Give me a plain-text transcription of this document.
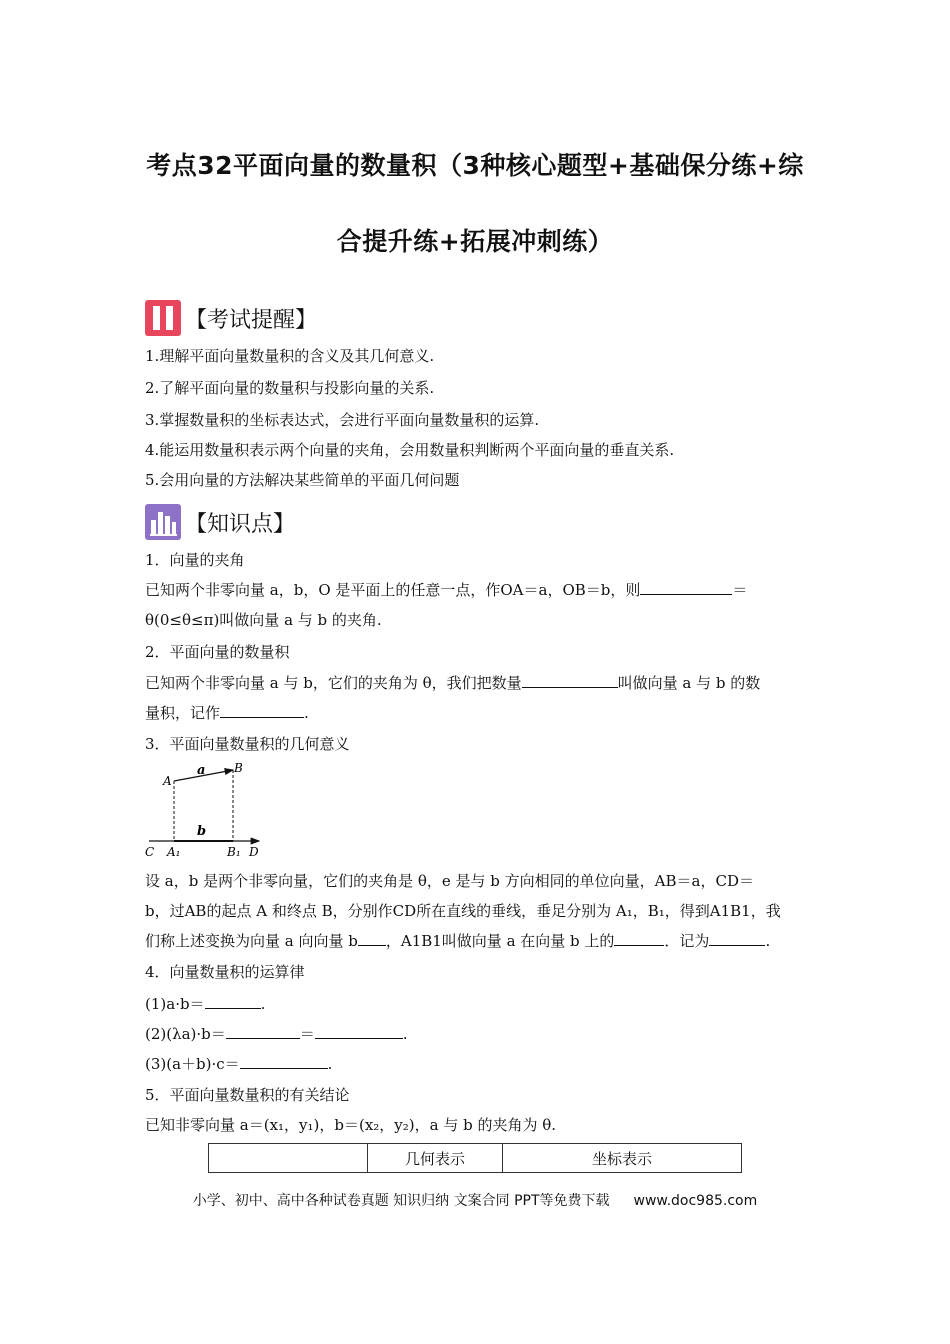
考点32平面向量的数量积（3种核心题型+基础保分练+综
合提升练+拓展冲刺练）
【考试提醒】
1.理解平面向量数量积的含义及其几何意义.
2.了解平面向量的数量积与投影向量的关系.
3.掌握数量积的坐标表达式，会进行平面向量数量积的运算.
4.能运用数量积表示两个向量的夹角，会用数量积判断两个平面向量的垂直关系.
5.会用向量的方法解决某些简单的平面几何问题
【知识点】
1．向量的夹角
已知两个非零向量 a，b，O 是平面上的任意一点，作OA＝a，OB＝b，则	＝
θ(0≤θ≤π)叫做向量 a 与 b 的夹角.
2．平面向量的数量积
已知两个非零向量 a 与 b，它们的夹角为 θ，我们把数量	叫做向量 a 与 b 的数
量积，记作	.
3．平面向量数量积的几何意义
a
b
A
B
C A₁	B₁ D
设 a，b 是两个非零向量，它们的夹角是 θ，e 是与 b 方向相同的单位向量，AB＝a，CD＝
b，过AB的起点 A 和终点 B，分别作CD所在直线的垂线，垂足分别为 A₁，B₁，得到A1B1，我
们称上述变换为向量 a 向向量 b ，A1B1叫做向量 a 在向量 b 上的	．记为	.
4．向量数量积的运算律
(1)a·b＝	.
(2)(λa)·b＝	＝	.
(3)(a＋b)·c＝	.
5．平面向量数量积的有关结论
已知非零向量 a＝(x₁，y₁)，b＝(x₂，y₂)，a 与 b 的夹角为 θ.
	几何表示	坐标表示
小学、初中、高中各种试卷真题 知识归纳 文案合同 PPT等免费下载 www.doc985.com
